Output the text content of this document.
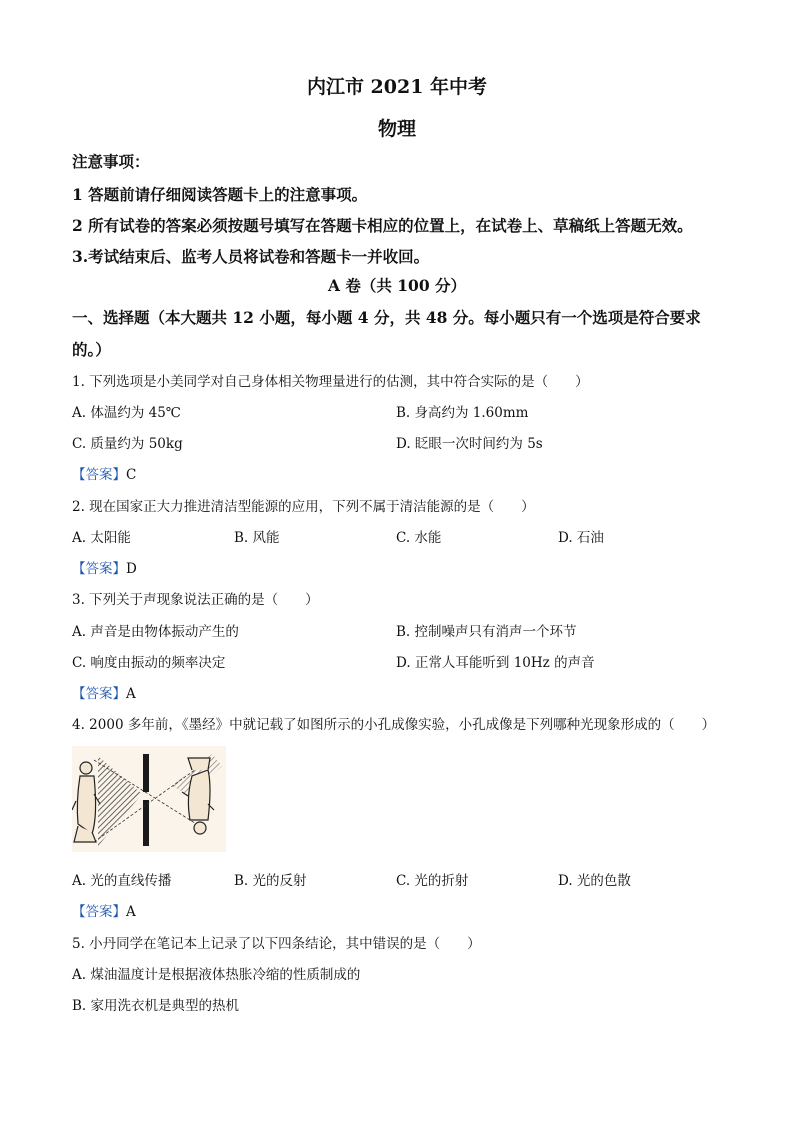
内江市 2021 年中考
物理
注意事项：
1 答题前请仔细阅读答题卡上的注意事项。
2 所有试卷的答案必须按题号填写在答题卡相应的位置上，在试卷上、草稿纸上答题无效。
3.考试结束后、监考人员将试卷和答题卡一并收回。
A 卷（共 100 分）
一、选择题（本大题共 12 小题，每小题 4 分，共 48 分。每小题只有一个选项是符合要求
的。）
1. 下列选项是小美同学对自己身体相关物理量进行的估测，其中符合实际的是（　　）
A. 体温约为 45℃	B. 身高约为 1.60mm
C. 质量约为 50kg	D. 眨眼一次时间约为 5s
【答案】C
2. 现在国家正大力推进清洁型能源的应用，下列不属于清洁能源的是（　　）
A. 太阳能	B. 风能	C. 水能	D. 石油
【答案】D
3. 下列关于声现象说法正确的是（　　）
A. 声音是由物体振动产生的	B. 控制噪声只有消声一个环节
C. 响度由振动的频率决定	D. 正常人耳能听到 10Hz 的声音
【答案】A
4. 2000 多年前，《墨经》中就记载了如图所示的小孔成像实验，小孔成像是下列哪种光现象形成的（　　）
A. 光的直线传播	B. 光的反射	C. 光的折射	D. 光的色散
【答案】A
5. 小丹同学在笔记本上记录了以下四条结论，其中错误的是（　　）
A. 煤油温度计是根据液体热胀冷缩的性质制成的
B. 家用洗衣机是典型的热机
